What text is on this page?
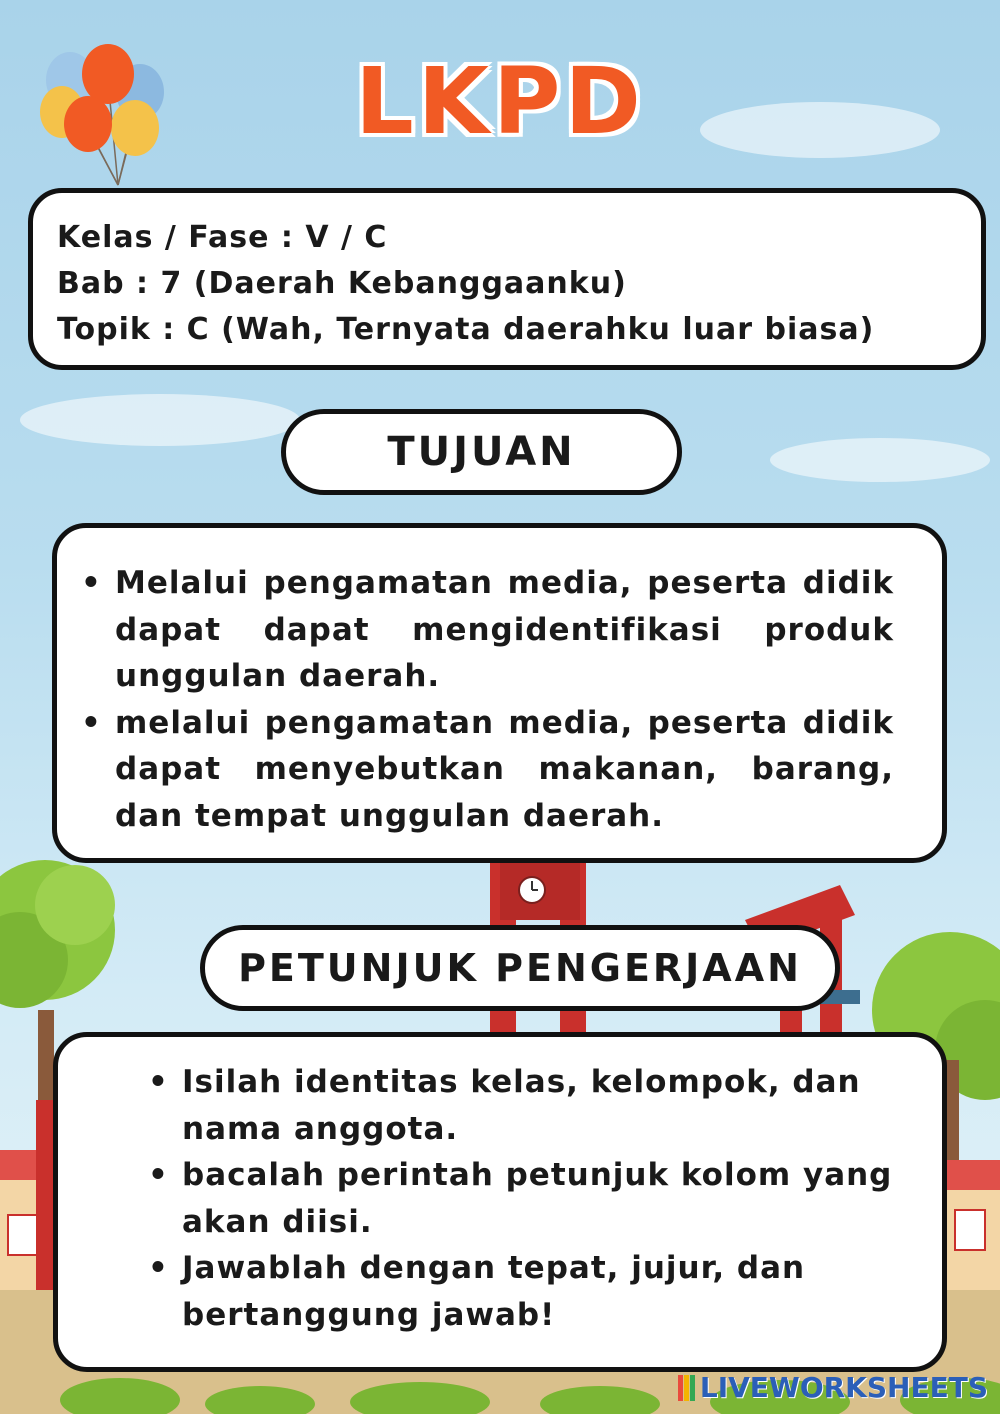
LKPD

Kelas / Fase : V / C

Bab : 7 (Daerah Kebanggaanku)

Topik : C (Wah, Ternyata daerahku luar biasa)

TUJUAN
• Melalui pengamatan media, peserta didik dapat dapat mengidentifikasi produk unggulan daerah.
• melalui pengamatan media, peserta didik dapat menyebutkan makanan, barang, dan tempat unggulan daerah.
PETUNJUK PENGERJAAN
• Isilah identitas kelas, kelompok, dan nama anggota.
• bacalah perintah petunjuk kolom yang akan diisi.
• Jawablah dengan tepat, jujur, dan bertanggung jawab!
LIVEWORKSHEETS
